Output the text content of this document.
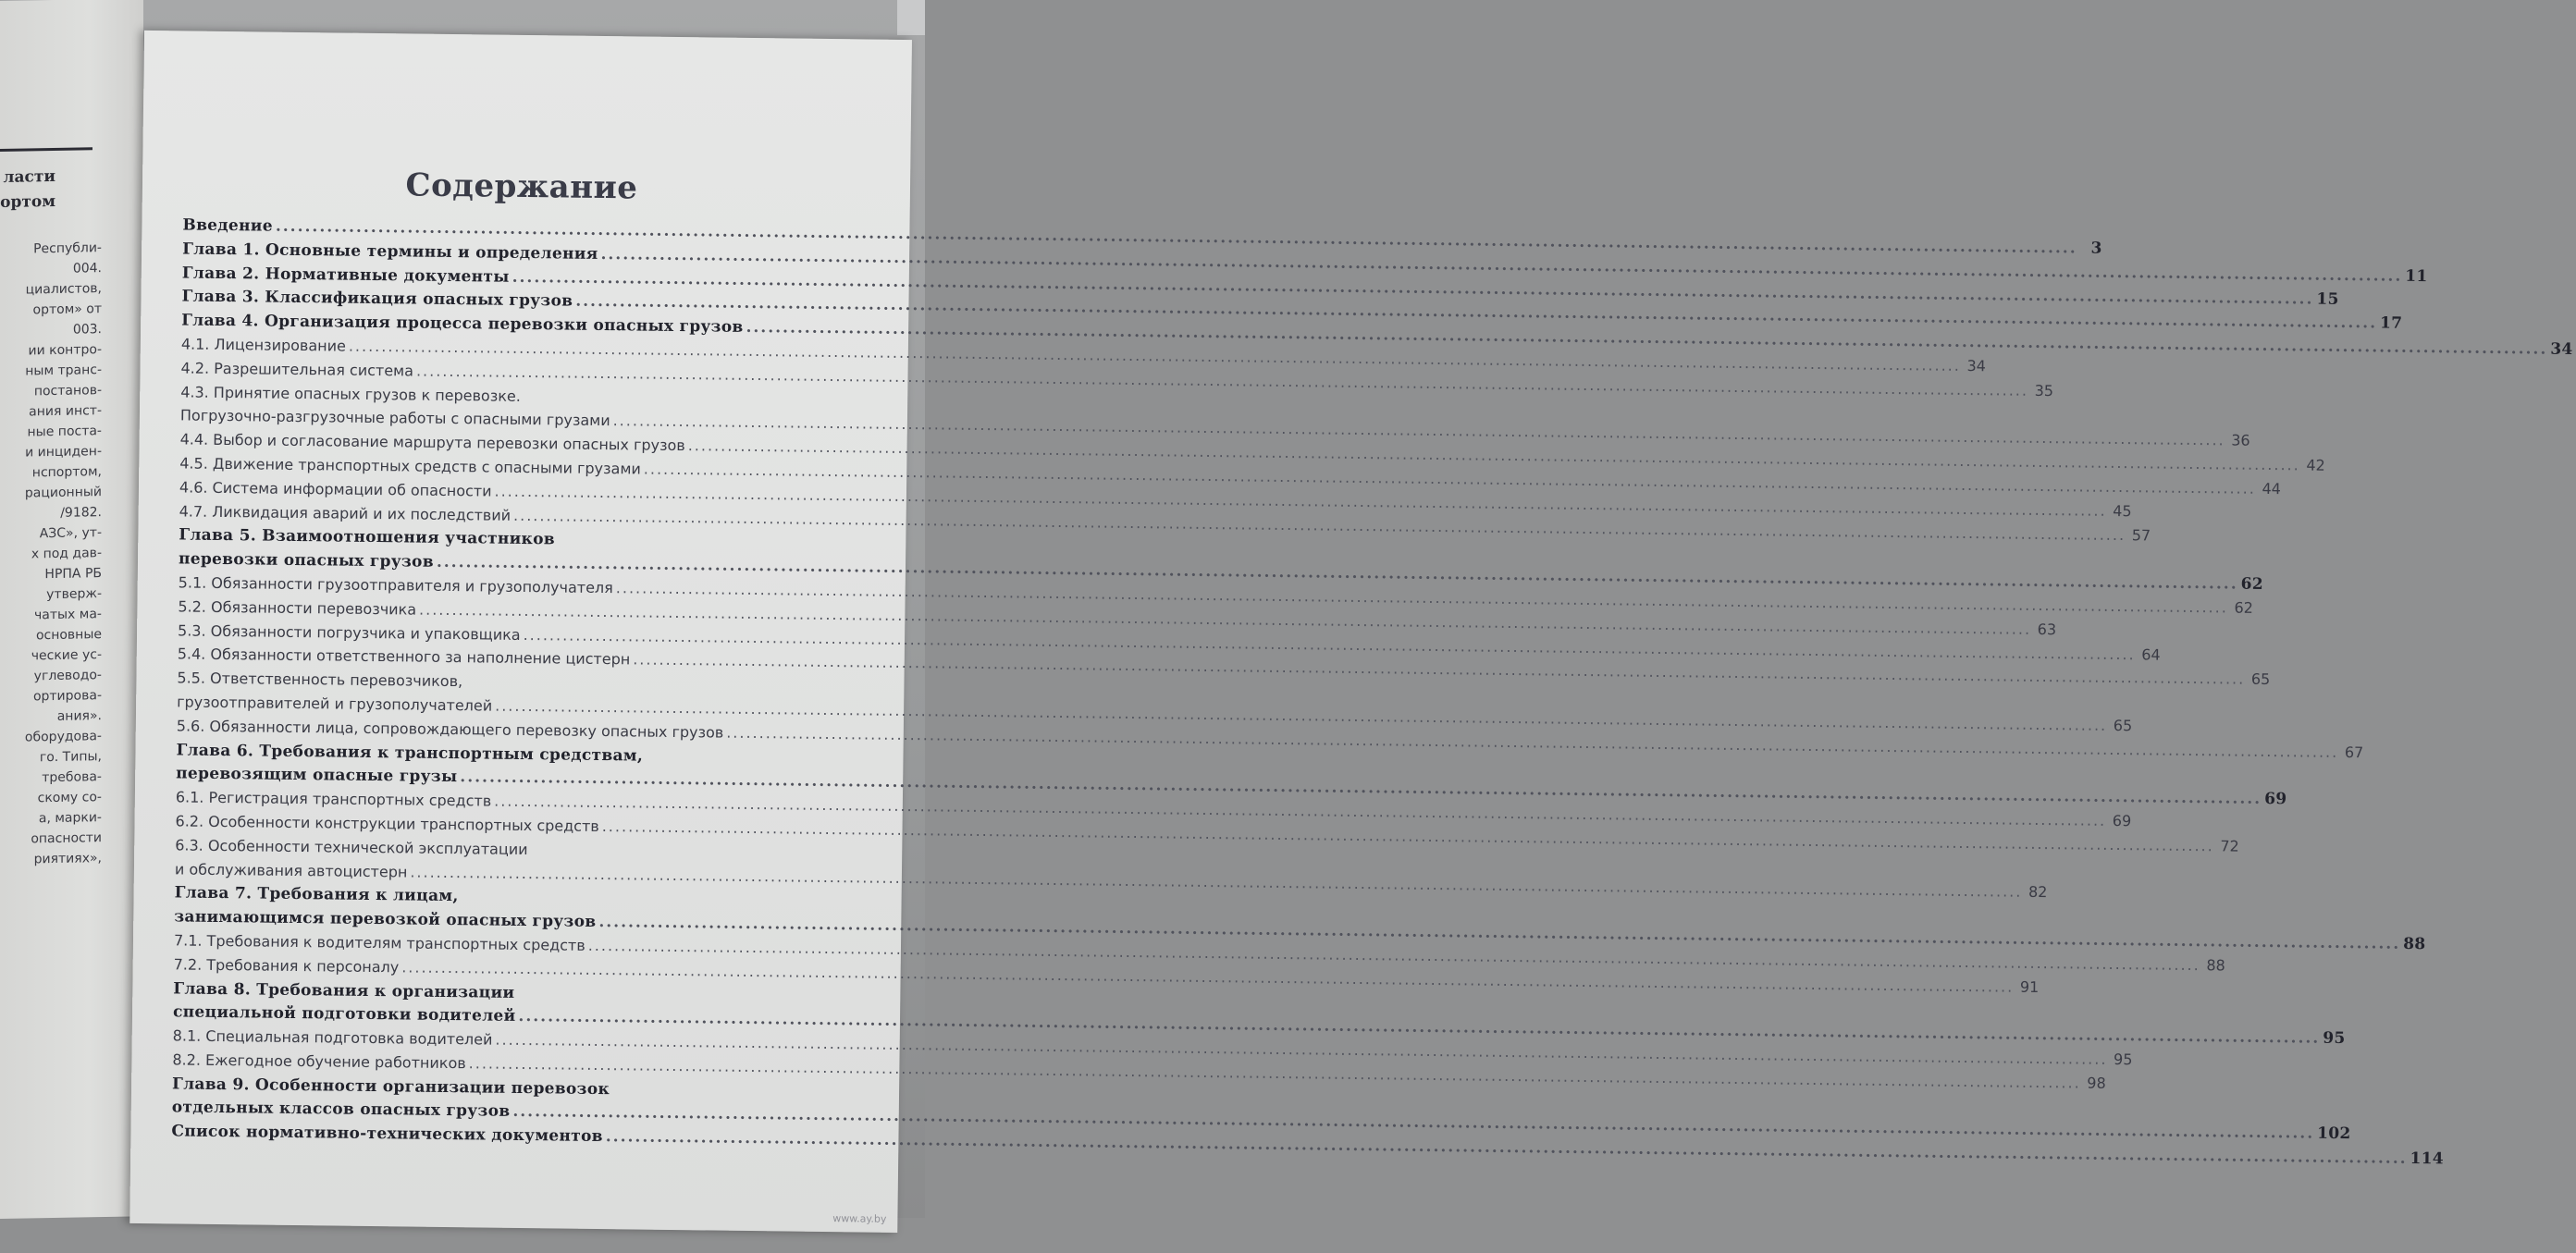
ласти
ортом
Республи-
004.
циалистов,
ортом» от
003.
ии контро-
ным транс-
постанов-
ания инст-
ные поста-
и инциден-
нспортом,
рационный
/9182.
АЗС», ут-
х под дав-
НРПА РБ
утверж-
чатых ма-
основные
ческие ус-
углеводо-
ортирова-
ания».
оборудова-
го. Типы,
требова-
скому со-
а, марки-
опасности
риятиях»,
Содержание
Введение
.....
3
Глава 1. Основные термины и определения
.....
11
Глава 2. Нормативные документы
.....
15
Глава 3. Классификация опасных грузов
.....
17
Глава 4. Организация процесса перевозки опасных грузов
.....
34
4.1. Лицензирование
.....
34
4.2. Разрешительная система
.....
35
4.3. Принятие опасных грузов к перевозке.
Погрузочно-разгрузочные работы с опасными грузами
.....
36
4.4. Выбор и согласование маршрута перевозки опасных грузов
.....
42
4.5. Движение транспортных средств с опасными грузами
.....
44
4.6. Система информации об опасности
.....
45
4.7. Ликвидация аварий и их последствий
.....
57
Глава 5. Взаимоотношения участников
перевозки опасных грузов
.....
62
5.1. Обязанности грузоотправителя и грузополучателя
.....
62
5.2. Обязанности перевозчика
.....
63
5.3. Обязанности погрузчика и упаковщика
.....
64
5.4. Обязанности ответственного за наполнение цистерн
.....
65
5.5. Ответственность перевозчиков,
грузоотправителей и грузополучателей
.....
65
5.6. Обязанности лица, сопровождающего перевозку опасных грузов
.....
67
Глава 6. Требования к транспортным средствам,
перевозящим опасные грузы
.....
69
6.1. Регистрация транспортных средств
.....
69
6.2. Особенности конструкции транспортных средств
.....
72
6.3. Особенности технической эксплуатации
и обслуживания автоцистерн
.....
82
Глава 7. Требования к лицам,
занимающимся перевозкой опасных грузов
.....
88
7.1. Требования к водителям транспортных средств
.....
88
7.2. Требования к персоналу
.....
91
Глава 8. Требования к организации
специальной подготовки водителей
.....
95
8.1. Специальная подготовка водителей
.....
95
8.2. Ежегодное обучение работников
.....
98
Глава 9. Особенности организации перевозок
отдельных классов опасных грузов
.....
102
Список нормативно-технических документов
.....
114
www.ay.by
